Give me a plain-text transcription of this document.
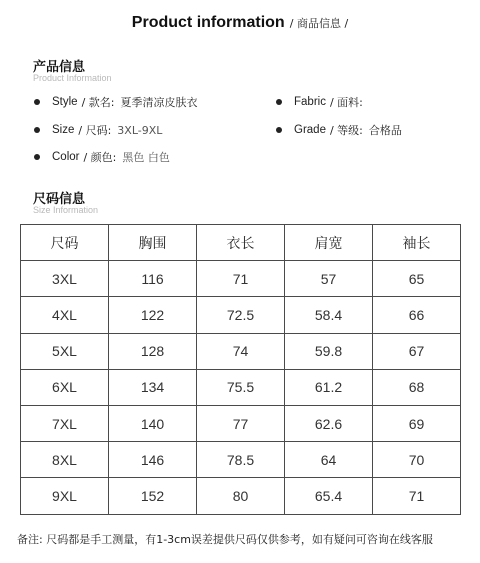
Product information / 商品信息 /
产品信息
Product Information
Style / 款名: 夏季清凉皮肤衣	Fabric / 面料:
Size / 尺码: 3XL-9XL	Grade / 等级: 合格品
Color / 颜色: 黑色 白色
尺码信息
Size Information
尺码	胸围	衣长	肩宽	袖长
3XL	116	71	57	65
4XL	122	72.5	58.4	66
5XL	128	74	59.8	67
6XL	134	75.5	61.2	68
7XL	140	77	62.6	69
8XL	146	78.5	64	70
9XL	152	80	65.4	71
备注: 尺码都是手工测量，有1-3cm误差提供尺码仅供参考，如有疑问可咨询在线客服
